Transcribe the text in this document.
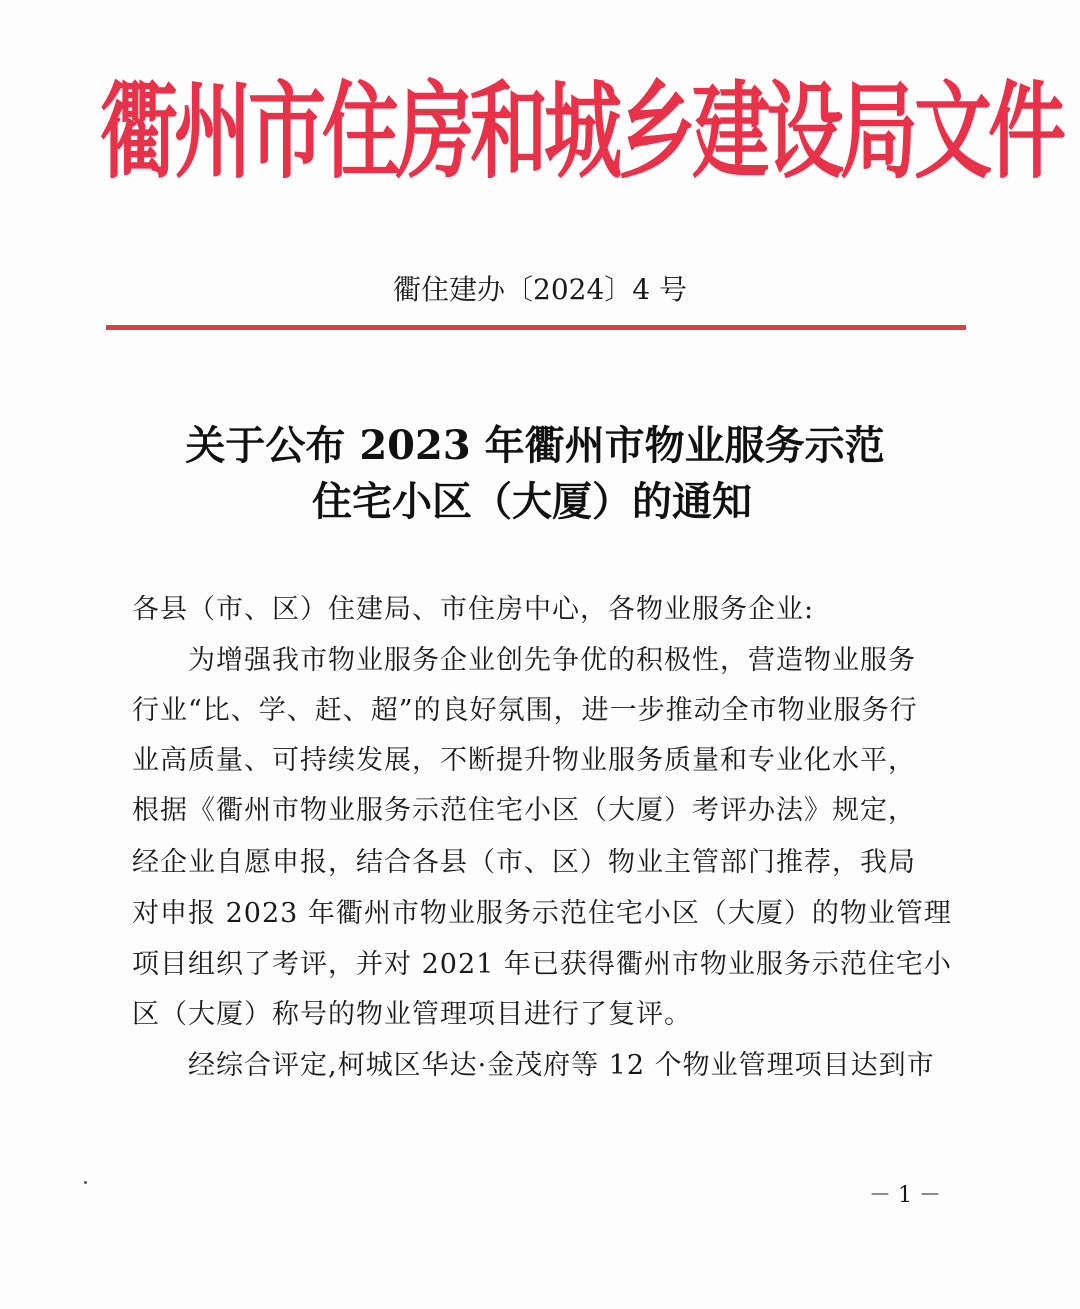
衢州市住房和城乡建设局文件
衢住建办〔2024〕4 号
关于公布 2023 年衢州市物业服务示范
住宅小区（大厦）的通知
各县（市、区）住建局、市住房中心，各物业服务企业:
为增强我市物业服务企业创先争优的积极性，营造物业服务
行业“比、学、赶、超”的良好氛围，进一步推动全市物业服务行
业高质量、可持续发展，不断提升物业服务质量和专业化水平，
根据《衢州市物业服务示范住宅小区（大厦）考评办法》规定，
经企业自愿申报，结合各县（市、区）物业主管部门推荐，我局
对申报 2023 年衢州市物业服务示范住宅小区（大厦）的物业管理
项目组织了考评，并对 2021 年已获得衢州市物业服务示范住宅小
区（大厦）称号的物业管理项目进行了复评。
经综合评定,柯城区华达·金茂府等 12 个物业管理项目达到市
－ 1 －
